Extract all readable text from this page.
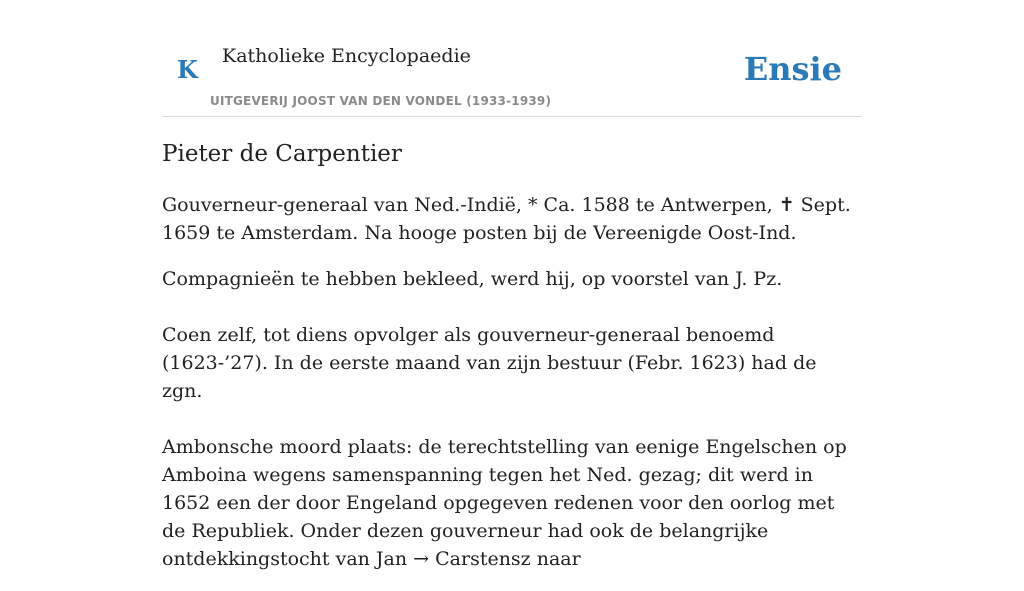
K Katholieke Encyclopaedie
UITGEVERIJ JOOST VAN DEN VONDEL (1933-1939)
Ensie
Pieter de Carpentier

Gouverneur-generaal van Ned.-Indië, * Ca. 1588 te Antwerpen, ✝ Sept. 1659 te Amsterdam. Na hooge posten bij de Vereenigde Oost-Ind.

Compagnieën te hebben bekleed, werd hij, op voorstel van J. Pz.

Coen zelf, tot diens opvolger als gouverneur-generaal benoemd (1623-’27). In de eerste maand van zijn bestuur (Febr. 1623) had de zgn.

Ambonsche moord plaats: de terechtstelling van eenige Engelschen op Amboina wegens samenspanning tegen het Ned. gezag; dit werd in 1652 een der door Engeland opgegeven redenen voor den oorlog met de Republiek. Onder dezen gouverneur had ook de belangrijke ontdekkingstocht van Jan → Carstensz naar
